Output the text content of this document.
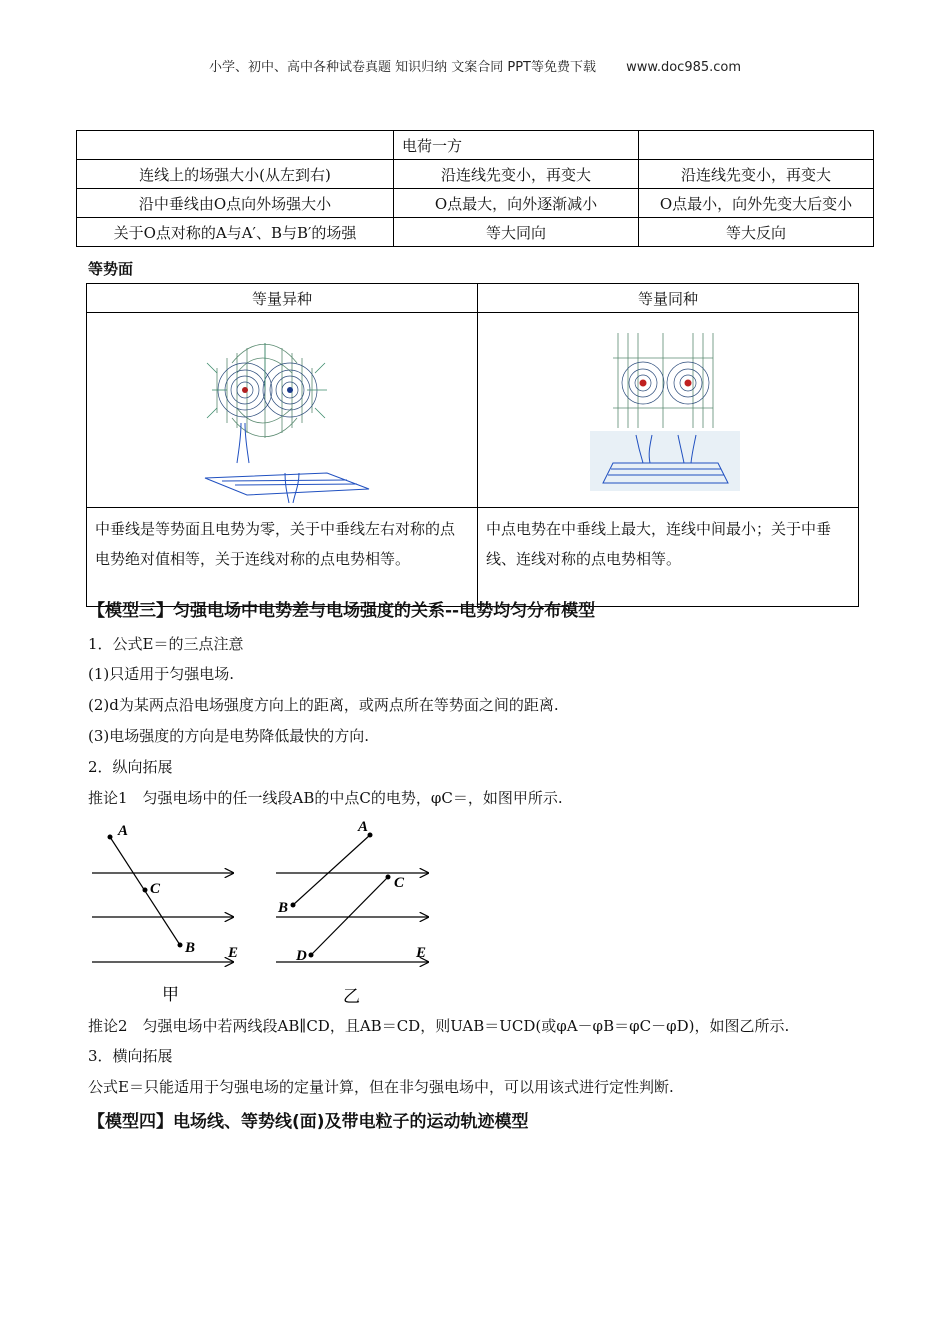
小学、初中、高中各种试卷真题 知识归纳 文案合同 PPT等免费下载 www.doc985.com
	电荷一方	
连线上的场强大小(从左到右)	沿连线先变小，再变大	沿连线先变小，再变大
沿中垂线由O点向外场强大小	O点最大，向外逐渐减小	O点最小，向外先变大后变小
关于O点对称的A与A′、B与B′的场强	等大同向	等大反向
等势面
等量异种	等量同种

中垂线是等势面且电势为零，关于中垂线左右对称的点电势绝对值相等，关于连线对称的点电势相等。	中点电势在中垂线上最大，连线中间最小；关于中垂线、连线对称的点电势相等。
【模型三】匀强电场中电势差与电场强度的关系--电势均匀分布模型
1．公式E＝的三点注意
(1)只适用于匀强电场.
(2)d为某两点沿电场强度方向上的距离，或两点所在等势面之间的距离.
(3)电场强度的方向是电势降低最快的方向.
2．纵向拓展
推论1　匀强电场中的任一线段AB的中点C的电势，φC＝，如图甲所示.
A
C
B E
甲
A
B
C
D	E
乙
推论2　匀强电场中若两线段AB∥CD，且AB＝CD，则UAB＝UCD(或φA－φB＝φC－φD)，如图乙所示.
3．横向拓展
公式E＝只能适用于匀强电场的定量计算，但在非匀强电场中，可以用该式进行定性判断.
【模型四】电场线、等势线(面)及带电粒子的运动轨迹模型
